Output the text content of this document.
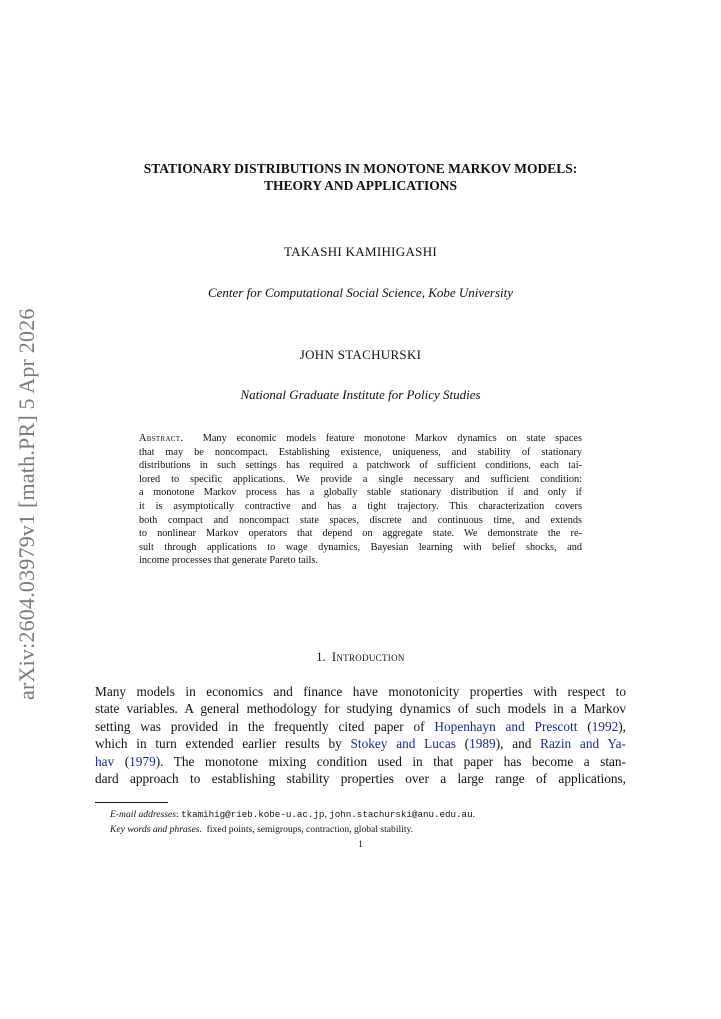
arXiv:2604.03979v1 [math.PR] 5 Apr 2026
STATIONARY DISTRIBUTIONS IN MONOTONE MARKOV MODELS:
THEORY AND APPLICATIONS
TAKASHI KAMIHIGASHI
Center for Computational Social Science, Kobe University
JOHN STACHURSKI
National Graduate Institute for Policy Studies
Abstract. Many economic models feature monotone Markov dynamics on state spaces
that may be noncompact. Establishing existence, uniqueness, and stability of stationary
distributions in such settings has required a patchwork of sufficient conditions, each tai-
lored to specific applications. We provide a single necessary and sufficient condition:
a monotone Markov process has a globally stable stationary distribution if and only if
it is asymptotically contractive and has a tight trajectory. This characterization covers
both compact and noncompact state spaces, discrete and continuous time, and extends
to nonlinear Markov operators that depend on aggregate state. We demonstrate the re-
sult through applications to wage dynamics, Bayesian learning with belief shocks, and
income processes that generate Pareto tails.
1. Introduction
Many models in economics and finance have monotonicity properties with respect to
state variables. A general methodology for studying dynamics of such models in a Markov
setting was provided in the frequently cited paper of Hopenhayn and Prescott (1992),
which in turn extended earlier results by Stokey and Lucas (1989), and Razin and Ya-
hav (1979). The monotone mixing condition used in that paper has become a stan-
dard approach to establishing stability properties over a large range of applications,
E-mail addresses: tkamihig@rieb.kobe-u.ac.jp, john.stachurski@anu.edu.au.
Key words and phrases. fixed points, semigroups, contraction, global stability.
1
